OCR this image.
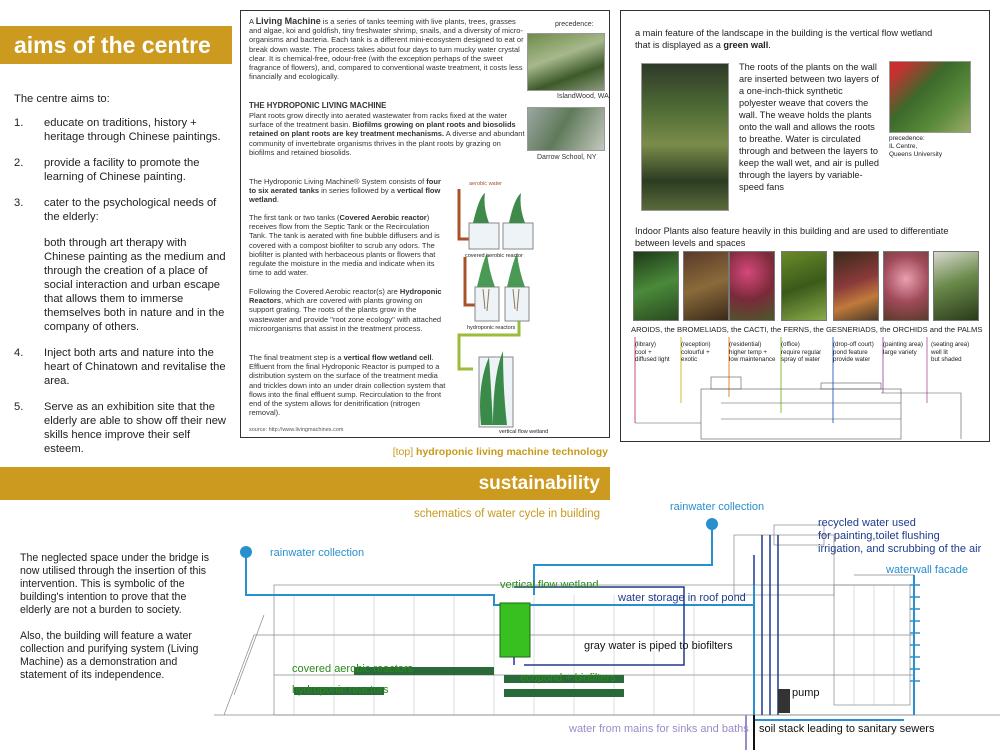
aims of the centre

The centre aims to:

1.	educate on traditions, history + heritage through Chinese paintings.
2.	provide a facility to promote the learning of Chinese painting.
3.	cater to the psychological needs of the elderly:
both through art therapy with Chinese painting as the medium and through the creation of a place of social interaction and urban escape that allows them to immerse themselves both in nature and in the company of others.
4.	Inject both arts and nature into the heart of Chinatown and revitalise the area.
5.	Serve as an exhibition site that the elderly are able to show off their new skills hence improve their self esteem.
A Living Machine is a series of tanks teeming with live plants, trees, grasses and algae, koi and goldfish, tiny freshwater shrimp, snails, and a diversity of micro-organisms and bacteria. Each tank is a different mini-ecosystem designed to eat or break down waste. The process takes about four days to turn mucky water crystal clear. It is chemical-free, odour-free (with the exception perhaps of the sweet fragrance of flowers), and, compared to conventional waste treatment, it costs less financially and ecologically.
precedence:
IslandWood, WA
Darrow School, NY
THE HYDROPONIC LIVING MACHINE
Plant roots grow directly into aerated wastewater from racks fixed at the water surface of the treatment basin. Biofilms growing on plant roots and biosolids retained on plant roots are key treatment mechanisms. A diverse and abundant community of invertebrate organisms thrives in the plant roots by grazing on biofilms and retained biosolids.
The Hydroponic Living Machine® System consists of four to six aerated tanks in series followed by a vertical flow wetland.
The first tank or two tanks (Covered Aerobic reactor) receives flow from the Septic Tank or the Recirculation Tank. The tank is aerated with fine bubble diffusers and is covered with a compost biofilter to scrub any odors. The biofilter is planted with herbaceous plants or flowers that regulate the moisture in the media and indicate when its time to add water.
Following the Covered Aerobic reactor(s) are Hydroponic Reactors, which are covered with plants growing on support grating. The roots of the plants grow in the wastewater and provide "root zone ecology" with attached microorganisms that assist in the treatment process.
The final treatment step is a vertical flow wetland cell. Effluent from the final Hydroponic Reactor is pumped to a distribution system on the surface of the treatment media and trickles down into an under drain collection system that flows into the final effluent sump. Recirculation to the front end of the system allows for denitrification (nitrogen removal).
source: http://www.livingmachines.com
aerobic water
covered aerobic reactor
hydroponic reactors
vertical flow wetland
[top] hydroponic living machine technology
a main feature of the landscape in the building is the vertical flow wetland that is displayed as a green wall.
The roots of the plants on the wall are inserted between two layers of a one-inch-thick synthetic polyester weave that covers the wall. The weave holds the plants onto the wall and allows the roots to breathe. Water is circulated through and between the layers to keep the wall wet, and air is pulled through the layers by variable-speed fans
precedence:
IL Centre,
Queens University
Indoor Plants also feature heavily in this building and are used to differentiate between levels and spaces
AROIDS, the BROMELIADS, the CACTI, the FERNS, the GESNERIADS, the ORCHIDS and the PALMS
(library)
cool +
diffused light
(reception)
colourful +
exotic
(residential)
higher temp +
low maintenance
(office)
require regular
spray of water
(drop-off court)
pond feature
provide water
(painting area)
large variety
(seating area)
well lit
but shaded
sustainability
schematics of water cycle in building

The neglected space under the bridge is now utilised through the insertion of this intervention. This is symbolic of the building's intention to prove that the elderly are not a burden to society.

Also, the building will feature a water collection and purifying system (Living Machine) as a demonstration and statement of its independence.

rainwater collection
rainwater collection
recycled water used
for painting,toilet flushing
irrigation, and scrubbing of the air
waterwall facade
vertical flow wetland
water storage in roof pond
gray water is piped to biofilters
covered aerobic reactors
hydroponic reactors
ecopond + biofilters
pump
water from mains for sinks and baths soil stack leading to sanitary sewers
